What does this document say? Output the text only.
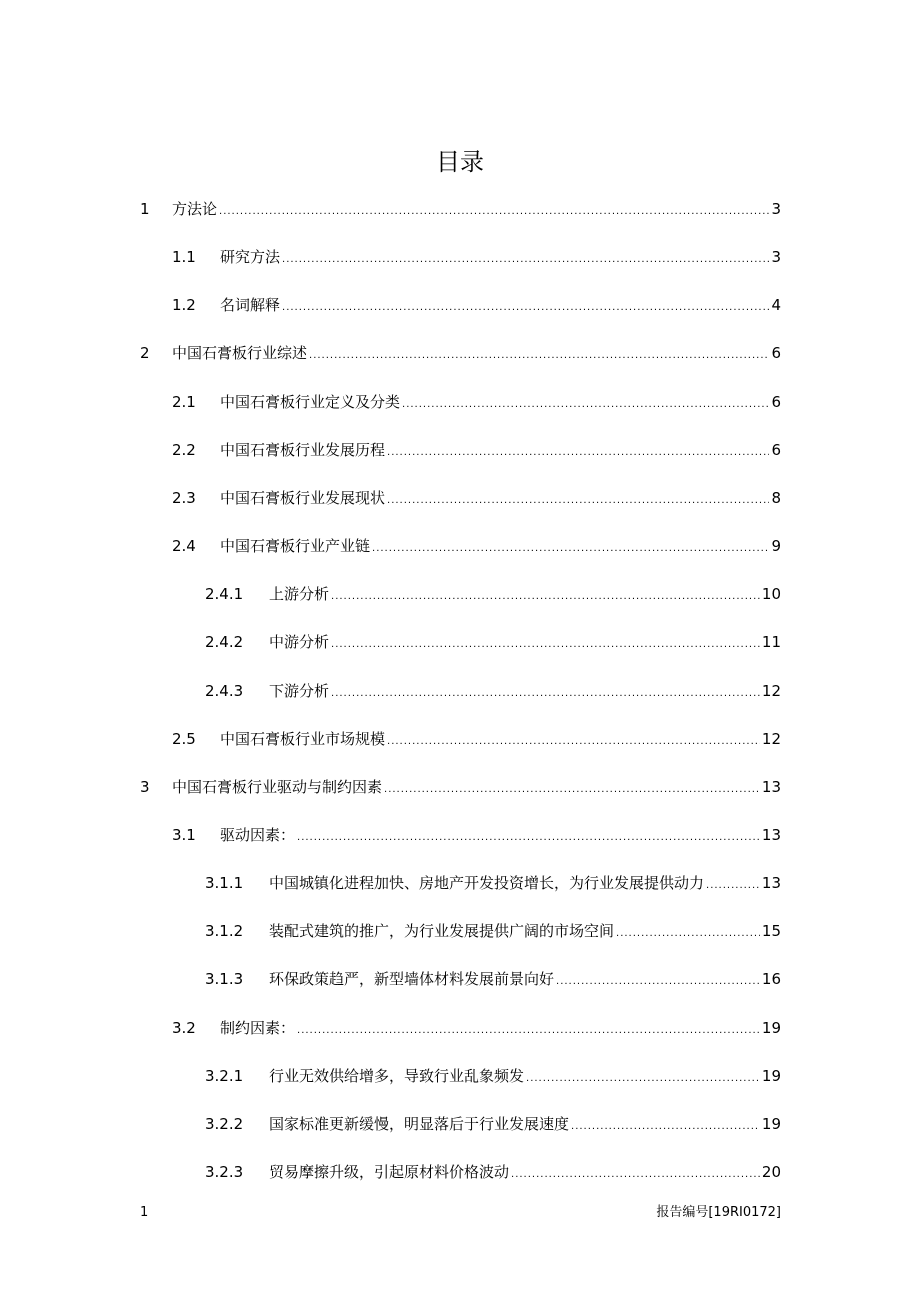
目录
1	方法论 .....	3
1.1	研究方法 .....	3
1.2	名词解释 .....	4
2	中国石膏板行业综述 .....	6
2.1	中国石膏板行业定义及分类 .....	6
2.2	中国石膏板行业发展历程 .....	6
2.3	中国石膏板行业发展现状 .....	8
2.4	中国石膏板行业产业链 .....	9
2.4.1	上游分析 .....	10
2.4.2	中游分析 .....	11
2.4.3	下游分析 .....	12
2.5	中国石膏板行业市场规模 .....	12
3	中国石膏板行业驱动与制约因素 .....	13
3.1	驱动因素： .....	13
3.1.1	中国城镇化进程加快、房地产开发投资增长，为行业发展提供动力 .....	13
3.1.2	装配式建筑的推广，为行业发展提供广阔的市场空间 .....	15
3.1.3	环保政策趋严，新型墙体材料发展前景向好 .....	16
3.2	制约因素： .....	19
3.2.1	行业无效供给增多，导致行业乱象频发 .....	19
3.2.2	国家标准更新缓慢，明显落后于行业发展速度 .....	19
3.2.3	贸易摩擦升级，引起原材料价格波动 .....	20
1	报告编号[19RI0172]
